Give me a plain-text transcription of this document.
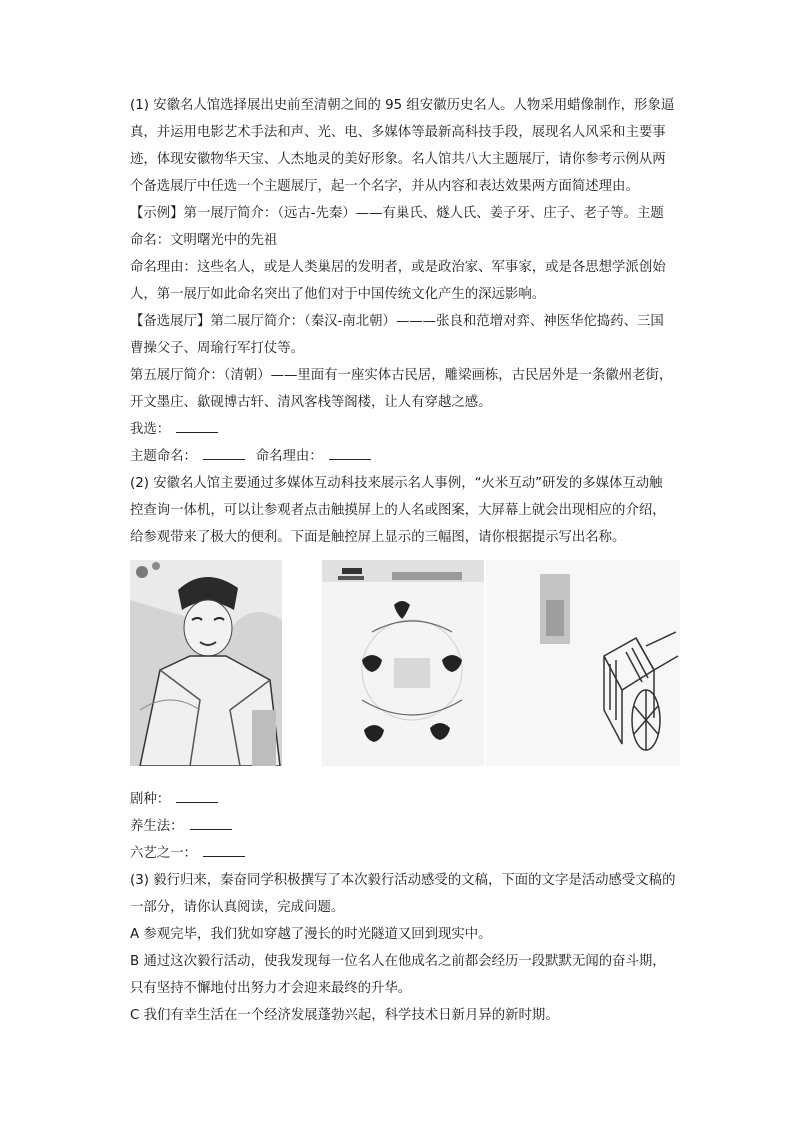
(1) 安徽名人馆选择展出史前至清朝之间的 95 组安徽历史名人。人物采用蜡像制作，形象逼

真，并运用电影艺术手法和声、光、电、多媒体等最新高科技手段，展现名人风采和主要事

迹，体现安徽物华天宝、人杰地灵的美好形象。名人馆共八大主题展厅，请你参考示例从两

个备选展厅中任选一个主题展厅，起一个名字，并从内容和表达效果两方面简述理由。

【示例】第一展厅简介：（远古-先秦）——有巢氏、燧人氏、姜子牙、庄子、老子等。主题

命名：文明曙光中的先祖

命名理由：这些名人，或是人类巢居的发明者，或是政治家、军事家，或是各思想学派创始

人，第一展厅如此命名突出了他们对于中国传统文化产生的深远影响。

【备选展厅】第二展厅简介：（秦汉-南北朝）———张良和范增对弈、神医华佗捣药、三国

曹操父子、周瑜行军打仗等。

第五展厅简介：（清朝）——里面有一座实体古民居，雕梁画栋，古民居外是一条徽州老街，

开文墨庄、歙砚博古轩、清风客栈等阁楼，让人有穿越之感。

我选：

主题命名：	命名理由：

(2) 安徽名人馆主要通过多媒体互动科技来展示名人事例，“火米互动”研发的多媒体互动触

控查询一体机，可以让参观者点击触摸屏上的人名或图案，大屏幕上就会出现相应的介绍，

给参观带来了极大的便利。下面是触控屏上显示的三幅图，请你根据提示写出名称。

剧种：

养生法：

六艺之一：

(3) 毅行归来，秦奋同学积极撰写了本次毅行活动感受的文稿，下面的文字是活动感受文稿的

一部分，请你认真阅读，完成问题。

A 参观完毕，我们犹如穿越了漫长的时光隧道又回到现实中。

B 通过这次毅行活动，使我发现每一位名人在他成名之前都会经历一段默默无闻的奋斗期，

只有坚持不懈地付出努力才会迎来最终的升华。

C 我们有幸生活在一个经济发展蓬勃兴起，科学技术日新月异的新时期。
